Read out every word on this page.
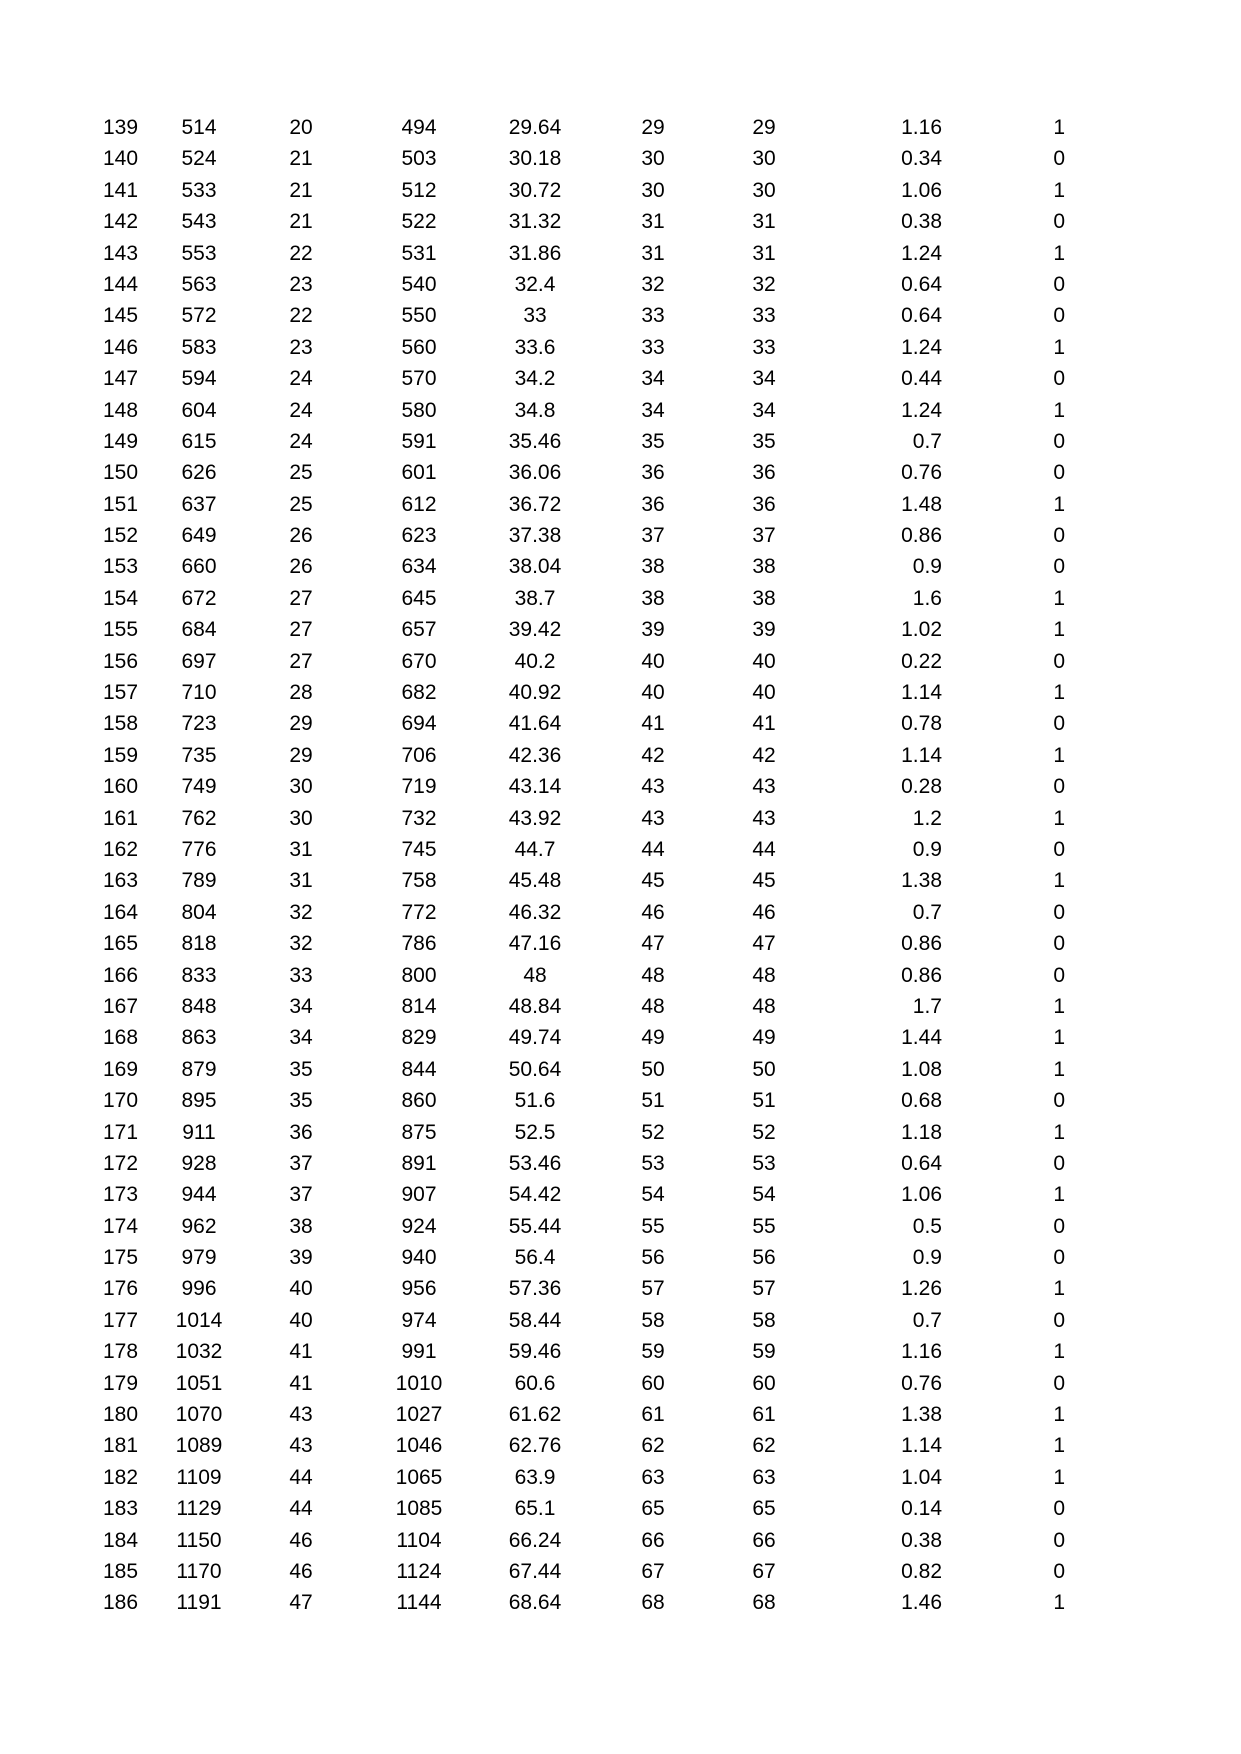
139	514	20	494	29.64	29	29	1.16	1
140	524	21	503	30.18	30	30	0.34	0
141	533	21	512	30.72	30	30	1.06	1
142	543	21	522	31.32	31	31	0.38	0
143	553	22	531	31.86	31	31	1.24	1
144	563	23	540	32.4	32	32	0.64	0
145	572	22	550	33	33	33	0.64	0
146	583	23	560	33.6	33	33	1.24	1
147	594	24	570	34.2	34	34	0.44	0
148	604	24	580	34.8	34	34	1.24	1
149	615	24	591	35.46	35	35	0.7	0
150	626	25	601	36.06	36	36	0.76	0
151	637	25	612	36.72	36	36	1.48	1
152	649	26	623	37.38	37	37	0.86	0
153	660	26	634	38.04	38	38	0.9	0
154	672	27	645	38.7	38	38	1.6	1
155	684	27	657	39.42	39	39	1.02	1
156	697	27	670	40.2	40	40	0.22	0
157	710	28	682	40.92	40	40	1.14	1
158	723	29	694	41.64	41	41	0.78	0
159	735	29	706	42.36	42	42	1.14	1
160	749	30	719	43.14	43	43	0.28	0
161	762	30	732	43.92	43	43	1.2	1
162	776	31	745	44.7	44	44	0.9	0
163	789	31	758	45.48	45	45	1.38	1
164	804	32	772	46.32	46	46	0.7	0
165	818	32	786	47.16	47	47	0.86	0
166	833	33	800	48	48	48	0.86	0
167	848	34	814	48.84	48	48	1.7	1
168	863	34	829	49.74	49	49	1.44	1
169	879	35	844	50.64	50	50	1.08	1
170	895	35	860	51.6	51	51	0.68	0
171	911	36	875	52.5	52	52	1.18	1
172	928	37	891	53.46	53	53	0.64	0
173	944	37	907	54.42	54	54	1.06	1
174	962	38	924	55.44	55	55	0.5	0
175	979	39	940	56.4	56	56	0.9	0
176	996	40	956	57.36	57	57	1.26	1
177	1014	40	974	58.44	58	58	0.7	0
178	1032	41	991	59.46	59	59	1.16	1
179	1051	41	1010	60.6	60	60	0.76	0
180	1070	43	1027	61.62	61	61	1.38	1
181	1089	43	1046	62.76	62	62	1.14	1
182	1109	44	1065	63.9	63	63	1.04	1
183	1129	44	1085	65.1	65	65	0.14	0
184	1150	46	1104	66.24	66	66	0.38	0
185	1170	46	1124	67.44	67	67	0.82	0
186	1191	47	1144	68.64	68	68	1.46	1
